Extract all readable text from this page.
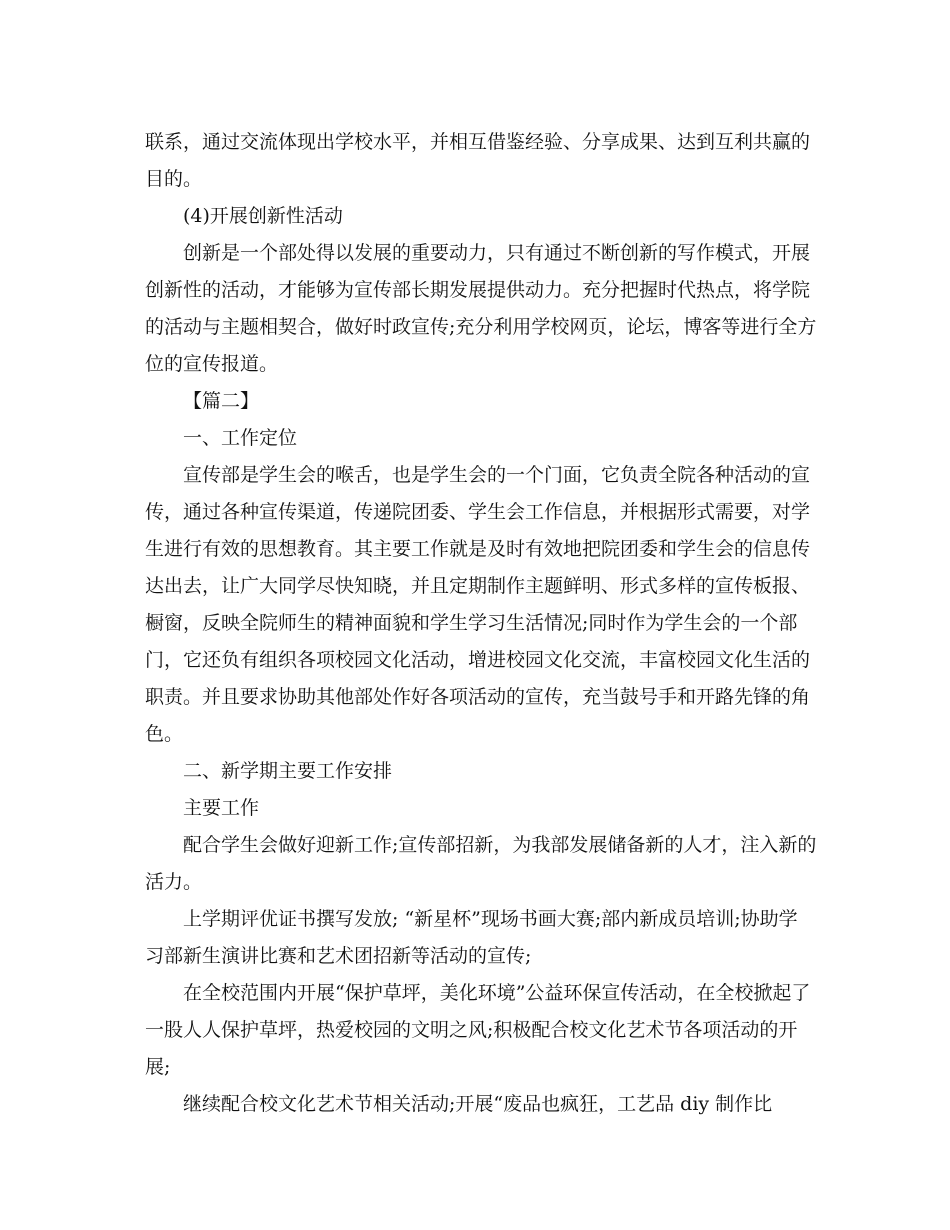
联系，通过交流体现出学校水平，并相互借鉴经验、分享成果、达到互利共赢的
目的。

(4)开展创新性活动

创新是一个部处得以发展的重要动力，只有通过不断创新的写作模式，开展
创新性的活动，才能够为宣传部长期发展提供动力。充分把握时代热点，将学院
的活动与主题相契合，做好时政宣传;充分利用学校网页，论坛，博客等进行全方
位的宣传报道。

【篇二】

一、工作定位

宣传部是学生会的喉舌，也是学生会的一个门面，它负责全院各种活动的宣
传，通过各种宣传渠道，传递院团委、学生会工作信息，并根据形式需要，对学
生进行有效的思想教育。其主要工作就是及时有效地把院团委和学生会的信息传
达出去，让广大同学尽快知晓，并且定期制作主题鲜明、形式多样的宣传板报、
橱窗，反映全院师生的精神面貌和学生学习生活情况;同时作为学生会的一个部
门，它还负有组织各项校园文化活动，增进校园文化交流，丰富校园文化生活的
职责。并且要求协助其他部处作好各项活动的宣传，充当鼓号手和开路先锋的角
色。

二、新学期主要工作安排

主要工作

配合学生会做好迎新工作;宣传部招新，为我部发展储备新的人才，注入新的
活力。

上学期评优证书撰写发放; “新星杯”现场书画大赛;部内新成员培训;协助学
习部新生演讲比赛和艺术团招新等活动的宣传;

在全校范围内开展“保护草坪，美化环境”公益环保宣传活动，在全校掀起了
一股人人保护草坪，热爱校园的文明之风;积极配合校文化艺术节各项活动的开
展;

继续配合校文化艺术节相关活动;开展“废品也疯狂，工艺品 diy 制作比
